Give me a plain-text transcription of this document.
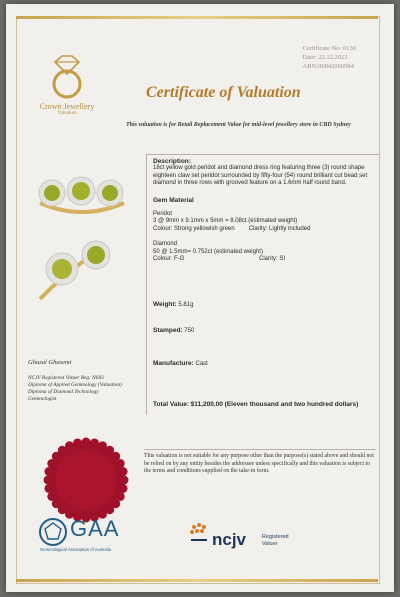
Certificate No: 0130
Date: 22.12.2023
ABN:96842066984
Crown Jewellery
Valuation
Certificate of Valuation
This valuation is for Retail Replacement Value for mid-level jewellery store in CBD Sydney
Description:
18ct yellow gold peridot and diamond dress ring featuring three (3) round shape eighteen claw set peridot surrounded by fifty-four (54) round brilliant cut bead set diamond in three rows with grooved feature on a 1.6mm half round band.
Gem Material
Peridot
3 @ 9mm x 9.1mm x 5mm = 8.08ct (estimated weight)
Colour: Strong yellowish green Clarity: Lightly included
Diamond
50 @ 1.5mm= 0.752ct (estimated weight)
Colour: F-G	Clarity: SI
Weight: 5.81g
Stamped: 750
Manufacture: Cast
Total Value: $11,200.00 (Eleven thousand and two hundred dollars)
Ghazal Ghasemi
NCJV Registered Valuer Reg: N683
Diploma of Applied Gemmology (Valuation)
Diploma of Diamond Technology
Gemmologist
This valuation is not suitable for any purpose other than the purpose(s) stated above and should not be relied on by any entity besides the addressee unless specifically and this valuation is subject to the terms and conditions supplied on the take-in form.
GAA
Gemmological Association of Australia
ncjv	Registered
Valuer
